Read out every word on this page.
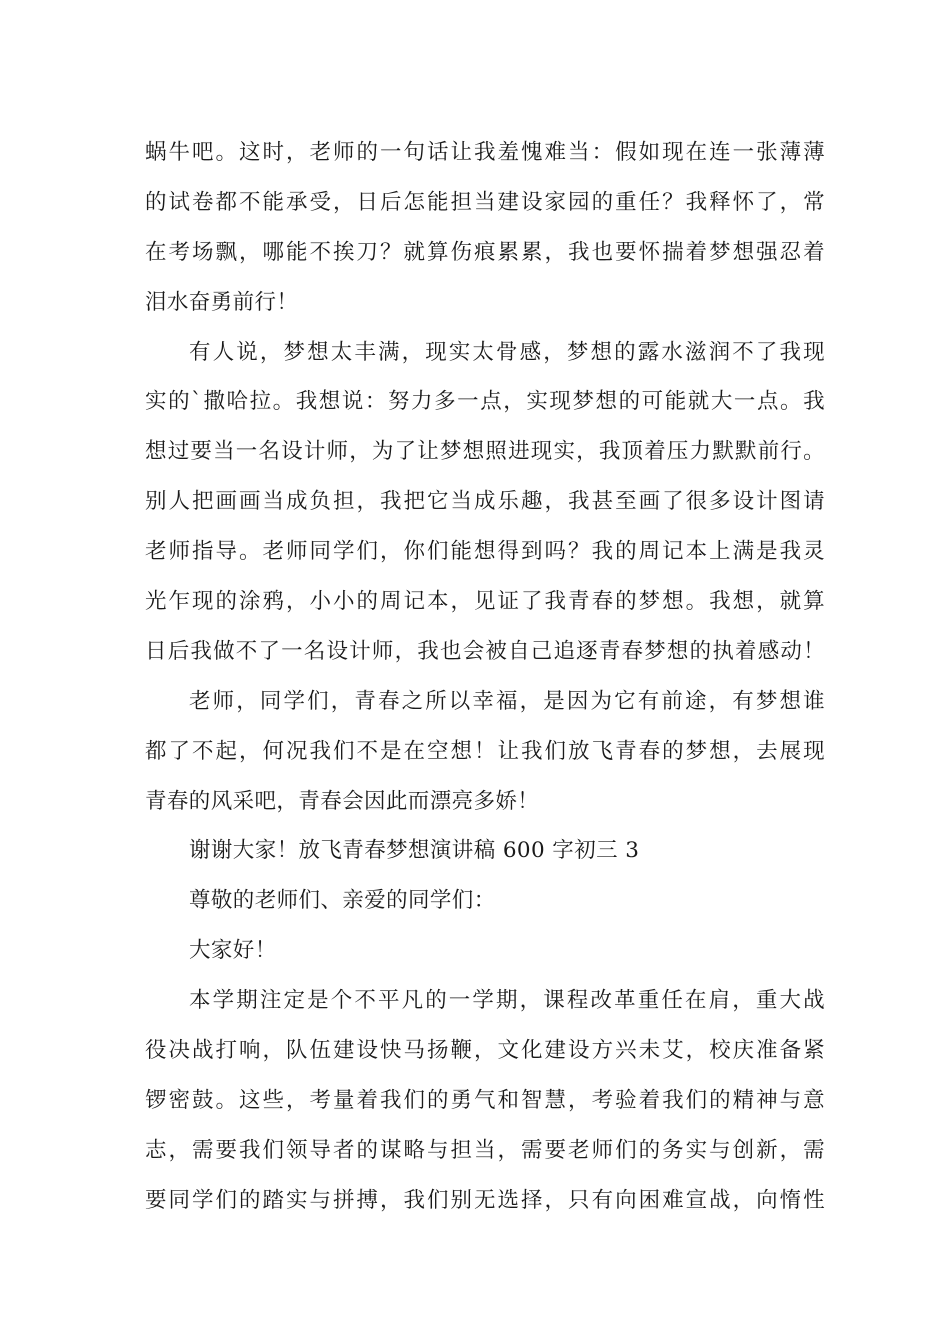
蜗牛吧。这时，老师的一句话让我羞愧难当：假如现在连一张薄薄
的试卷都不能承受，日后怎能担当建设家园的重任？我释怀了，常
在考场飘，哪能不挨刀？就算伤痕累累，我也要怀揣着梦想强忍着
泪水奋勇前行！
有人说，梦想太丰满，现实太骨感，梦想的露水滋润不了我现
实的`撒哈拉。我想说：努力多一点，实现梦想的可能就大一点。我
想过要当一名设计师，为了让梦想照进现实，我顶着压力默默前行。
别人把画画当成负担，我把它当成乐趣，我甚至画了很多设计图请
老师指导。老师同学们，你们能想得到吗？我的周记本上满是我灵
光乍现的涂鸦，小小的周记本，见证了我青春的梦想。我想，就算
日后我做不了一名设计师，我也会被自己追逐青春梦想的执着感动！
老师，同学们，青春之所以幸福，是因为它有前途，有梦想谁
都了不起，何况我们不是在空想！让我们放飞青春的梦想，去展现
青春的风采吧，青春会因此而漂亮多娇！
谢谢大家！放飞青春梦想演讲稿 600 字初三 3
尊敬的老师们、亲爱的同学们：
大家好！
本学期注定是个不平凡的一学期，课程改革重任在肩，重大战
役决战打响，队伍建设快马扬鞭，文化建设方兴未艾，校庆准备紧
锣密鼓。这些，考量着我们的勇气和智慧，考验着我们的精神与意
志，需要我们领导者的谋略与担当，需要老师们的务实与创新，需
要同学们的踏实与拼搏，我们别无选择，只有向困难宣战，向惰性
